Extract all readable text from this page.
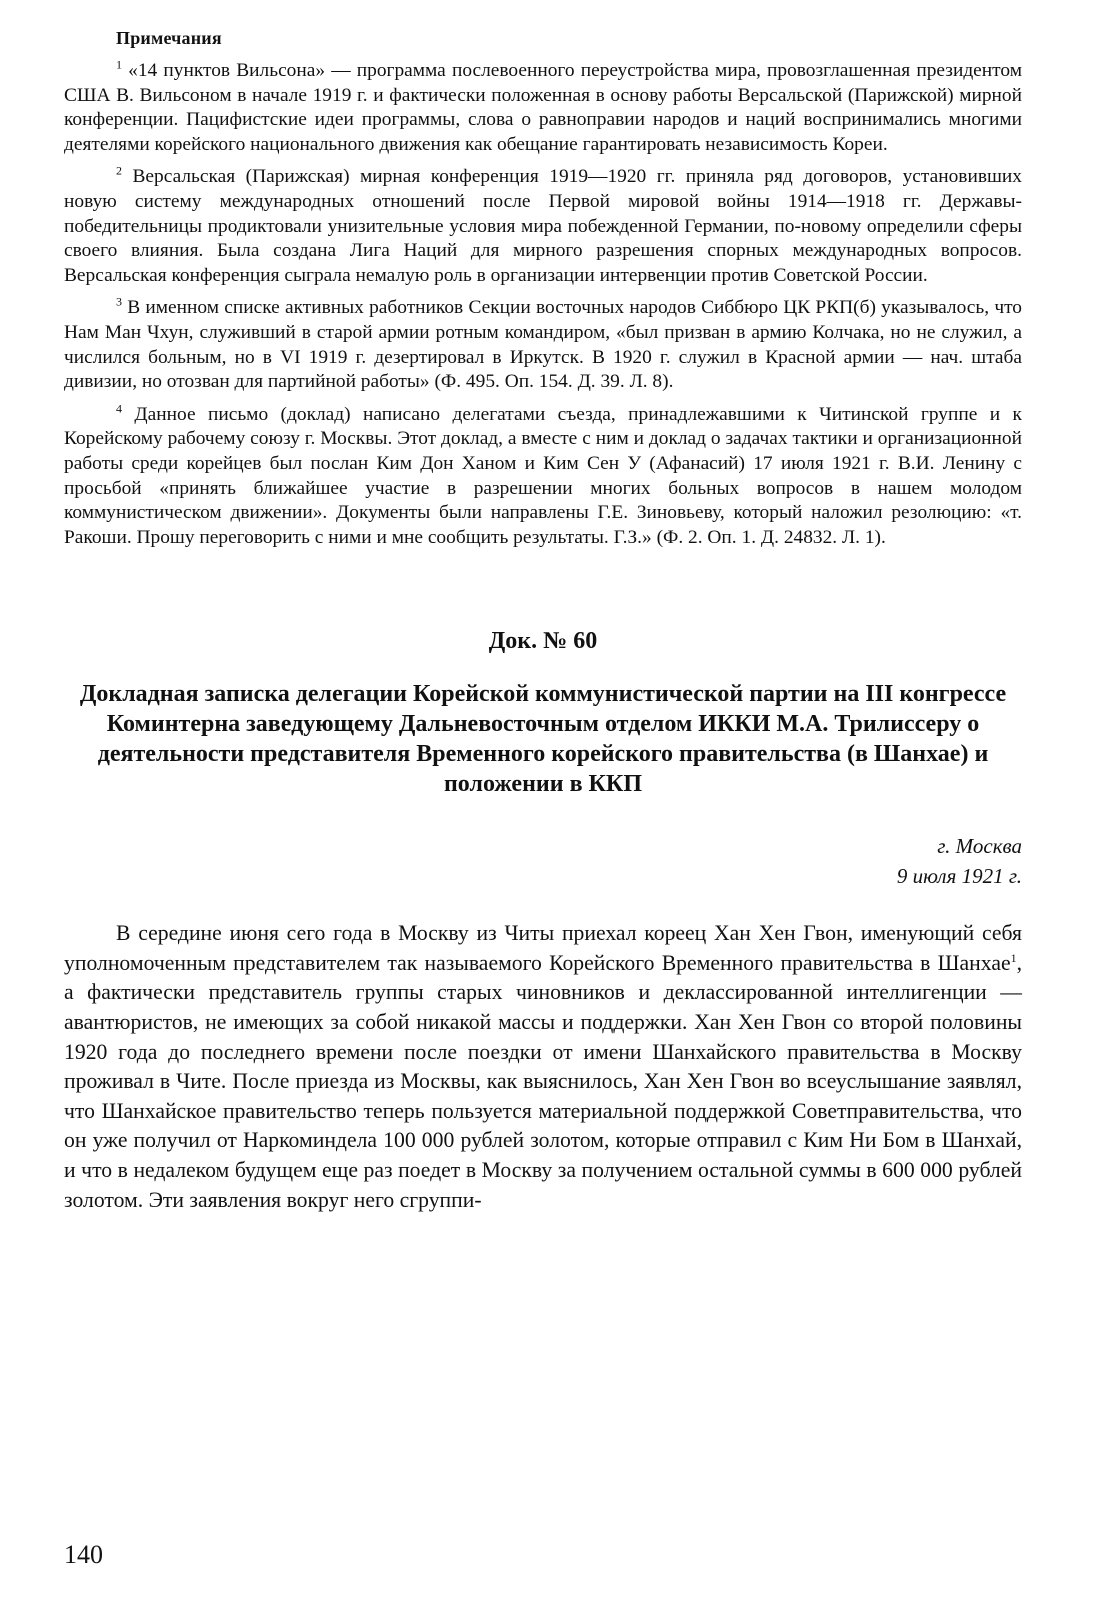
Примечания

$^1$ «14 пунктов Вильсона» — программа послевоенного переустройства мира, провозглашенная президентом США В. Вильсоном в начале 1919 г. и фактически положенная в основу работы Версальской (Парижской) мирной конференции. Пацифистские идеи программы, слова о равноправии народов и наций воспринимались многими деятелями корейского национального движения как обещание гарантировать независимость Кореи.

$^2$ Версальская (Парижская) мирная конференция 1919—1920 гг. приняла ряд договоров, установивших новую систему международных отношений после Первой мировой войны 1914—1918 гг. Державы-победительницы продиктовали унизительные условия мира побежденной Германии, по-новому определили сферы своего влияния. Была создана Лига Наций для мирного разрешения спорных международных вопросов. Версальская конференция сыграла немалую роль в организации интервенции против Советской России.

$^3$ В именном списке активных работников Секции восточных народов Сиббюро ЦК РКП(б) указывалось, что Нам Ман Чхун, служивший в старой армии ротным командиром, «был призван в армию Колчака, но не служил, а числился больным, но в VI 1919 г. дезертировал в Иркутск. В 1920 г. служил в Красной армии — нач. штаба дивизии, но отозван для партийной работы» (Ф. 495. Оп. 154. Д. 39. Л. 8).

$^4$ Данное письмо (доклад) написано делегатами съезда, принадлежавшими к Читинской группе и к Корейскому рабочему союзу г. Москвы. Этот доклад, а вместе с ним и доклад о задачах тактики и организационной работы среди корейцев был послан Ким Дон Ханом и Ким Сен У (Афанасий) 17 июля 1921 г. В.И. Ленину с просьбой «принять ближайшее участие в разрешении многих больных вопросов в нашем молодом коммунистическом движении». Документы были направлены Г.Е. Зиновьеву, который наложил резолюцию: «т. Ракоши. Прошу переговорить с ними и мне сообщить результаты. Г.З.» (Ф. 2. Оп. 1. Д. 24832. Л. 1).

Док. № 60
Докладная записка делегации Корейской коммунистической партии на III конгрессе Коминтерна заведующему Дальневосточным отделом ИККИ М.А. Трилиссеру о деятельности представителя Временного корейского правительства (в Шанхае) и положении в ККП
г. Москва
9 июля 1921 г.

В середине июня сего года в Москву из Читы приехал кореец Хан Хен Гвон, именующий себя уполномоченным представителем так называемого Корейского Временного правительства в Шанхае$^1$, а фактически представитель группы старых чиновников и деклассированной интеллигенции — авантюристов, не имеющих за собой никакой массы и поддержки. Хан Хен Гвон со второй половины 1920 года до последнего времени после поездки от имени Шанхайского правительства в Москву проживал в Чите. После приезда из Москвы, как выяснилось, Хан Хен Гвон во всеуслышание заявлял, что Шанхайское правительство теперь пользуется материальной поддержкой Советправительства, что он уже получил от Наркоминдела 100 000 рублей золотом, которые отправил с Ким Ни Бом в Шанхай, и что в недалеком будущем еще раз поедет в Москву за получением остальной суммы в 600 000 рублей золотом. Эти заявления вокруг него сгруппи-

140
